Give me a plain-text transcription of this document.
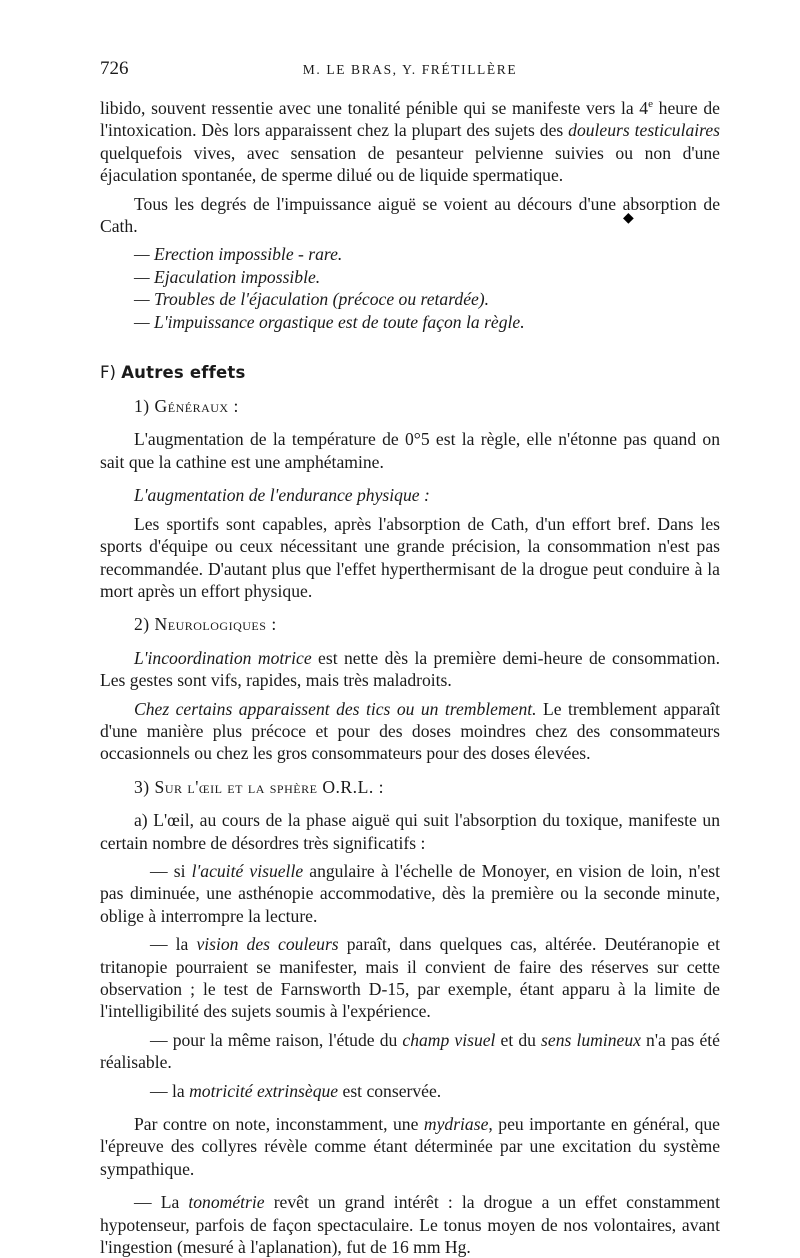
726	M. LE BRAS, Y. FRÉTILLÈRE
◆

libido, souvent ressentie avec une tonalité pénible qui se manifeste vers la 4e heure de l'intoxication. Dès lors apparaissent chez la plupart des sujets des douleurs testiculaires quelquefois vives, avec sensation de pesanteur pelvienne suivies ou non d'une éjaculation spontanée, de sperme dilué ou de liquide spermatique.

Tous les degrés de l'impuissance aiguë se voient au décours d'une absorption de Cath.

— Erection impossible - rare.

— Ejaculation impossible.

— Troubles de l'éjaculation (précoce ou retardée).

— L'impuissance orgastique est de toute façon la règle.

F) Autres effets

1) Généraux :

L'augmentation de la température de 0°5 est la règle, elle n'étonne pas quand on sait que la cathine est une amphétamine.

L'augmentation de l'endurance physique :

Les sportifs sont capables, après l'absorption de Cath, d'un effort bref. Dans les sports d'équipe ou ceux nécessitant une grande précision, la consommation n'est pas recommandée. D'autant plus que l'effet hyperthermisant de la drogue peut conduire à la mort après un effort physique.

2) Neurologiques :

L'incoordination motrice est nette dès la première demi-heure de consommation. Les gestes sont vifs, rapides, mais très maladroits.

Chez certains apparaissent des tics ou un tremblement. Le tremblement apparaît d'une manière plus précoce et pour des doses moindres chez des consommateurs occasionnels ou chez les gros consommateurs pour des doses élevées.

3) Sur l'œil et la sphère O.R.L. :

a) L'œil, au cours de la phase aiguë qui suit l'absorption du toxique, manifeste un certain nombre de désordres très significatifs :

— si l'acuité visuelle angulaire à l'échelle de Monoyer, en vision de loin, n'est pas diminuée, une asthénopie accommodative, dès la première ou la seconde minute, oblige à interrompre la lecture.

— la vision des couleurs paraît, dans quelques cas, altérée. Deutéranopie et tritanopie pourraient se manifester, mais il convient de faire des réserves sur cette observation ; le test de Farnsworth D-15, par exemple, étant apparu à la limite de l'intelligibilité des sujets soumis à l'expérience.

— pour la même raison, l'étude du champ visuel et du sens lumineux n'a pas été réalisable.

— la motricité extrinsèque est conservée.

Par contre on note, inconstamment, une mydriase, peu importante en général, que l'épreuve des collyres révèle comme étant déterminée par une excitation du système sympathique.

— La tonométrie revêt un grand intérêt : la drogue a un effet constamment hypotenseur, parfois de façon spectaculaire. Le tonus moyen de nos volontaires, avant l'ingestion (mesuré à l'aplanation), fut de 16 mm Hg.
